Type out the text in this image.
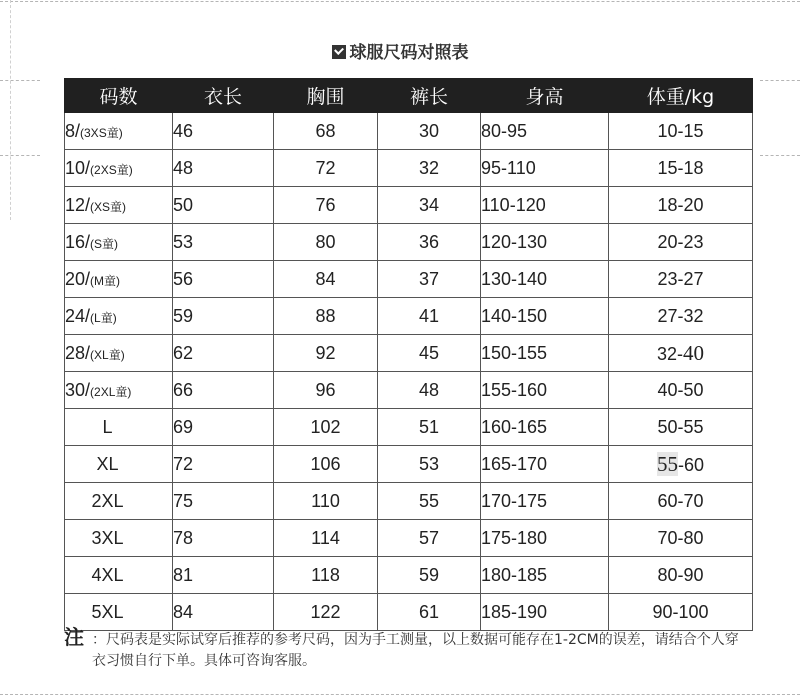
球服尺码对照表
码数	衣长	胸围	裤长	身高	体重/kg
8/(3XS童)	46	68	30	80-95	10-15
10/(2XS童)	48	72	32	95-110	15-18
12/(XS童)	50	76	34	110-120	18-20
16/(S童)	53	80	36	120-130	20-23
20/(M童)	56	84	37	130-140	23-27
24/(L童)	59	88	41	140-150	27-32
28/(XL童)	62	92	45	150-155	32-40
30/(2XL童)	66	96	48	155-160	40-50
L	69	102	51	160-165	50-55
XL	72	106	53	165-170	55-60
2XL	75	110	55	170-175	60-70
3XL	78	114	57	175-180	70-80
4XL	81	118	59	180-185	80-90
5XL	84	122	61	185-190	90-100
注 ：尺码表是实际试穿后推荐的参考尺码，因为手工测量，以上数据可能存在1-2CM的误差，请结合个人穿衣习惯自行下单。具体可咨询客服。
